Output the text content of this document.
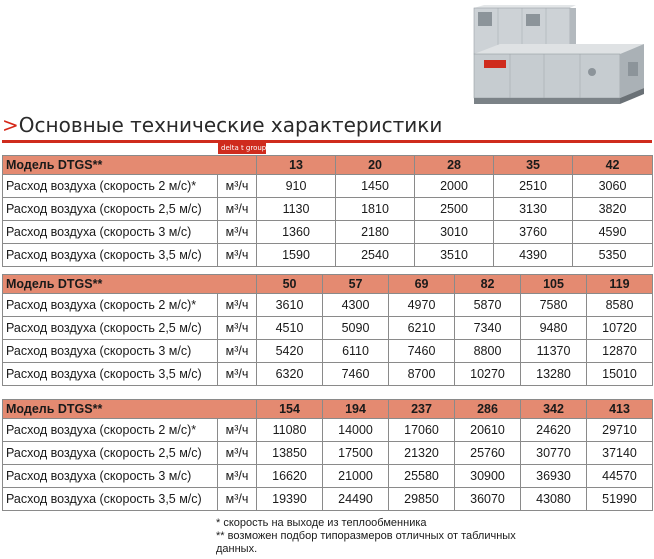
>Основные технические характеристики
delta t group
Модель DTGS**		13	20	28	35	42
Расход воздуха (скорость 2 м/с)*	м³/ч	910	1450	2000	2510	3060
Расход воздуха (скорость 2,5 м/с)	м³/ч	1130	1810	2500	3130	3820
Расход воздуха (скорость 3 м/с)	м³/ч	1360	2180	3010	3760	4590
Расход воздуха (скорость 3,5 м/с)	м³/ч	1590	2540	3510	4390	5350
Модель DTGS**		50	57	69	82	105	119
Расход воздуха (скорость 2 м/с)*	м³/ч	3610	4300	4970	5870	7580	8580
Расход воздуха (скорость 2,5 м/с)	м³/ч	4510	5090	6210	7340	9480	10720
Расход воздуха (скорость 3 м/с)	м³/ч	5420	6110	7460	8800	11370	12870
Расход воздуха (скорость 3,5 м/с)	м³/ч	6320	7460	8700	10270	13280	15010
Модель DTGS**		154	194	237	286	342	413
Расход воздуха (скорость 2 м/с)*	м³/ч	11080	14000	17060	20610	24620	29710
Расход воздуха (скорость 2,5 м/с)	м³/ч	13850	17500	21320	25760	30770	37140
Расход воздуха (скорость 3 м/с)	м³/ч	16620	21000	25580	30900	36930	44570
Расход воздуха (скорость 3,5 м/с)	м³/ч	19390	24490	29850	36070	43080	51990
* скорость на выходе из теплообменника
** возможен подбор типоразмеров отличных от табличных данных.
